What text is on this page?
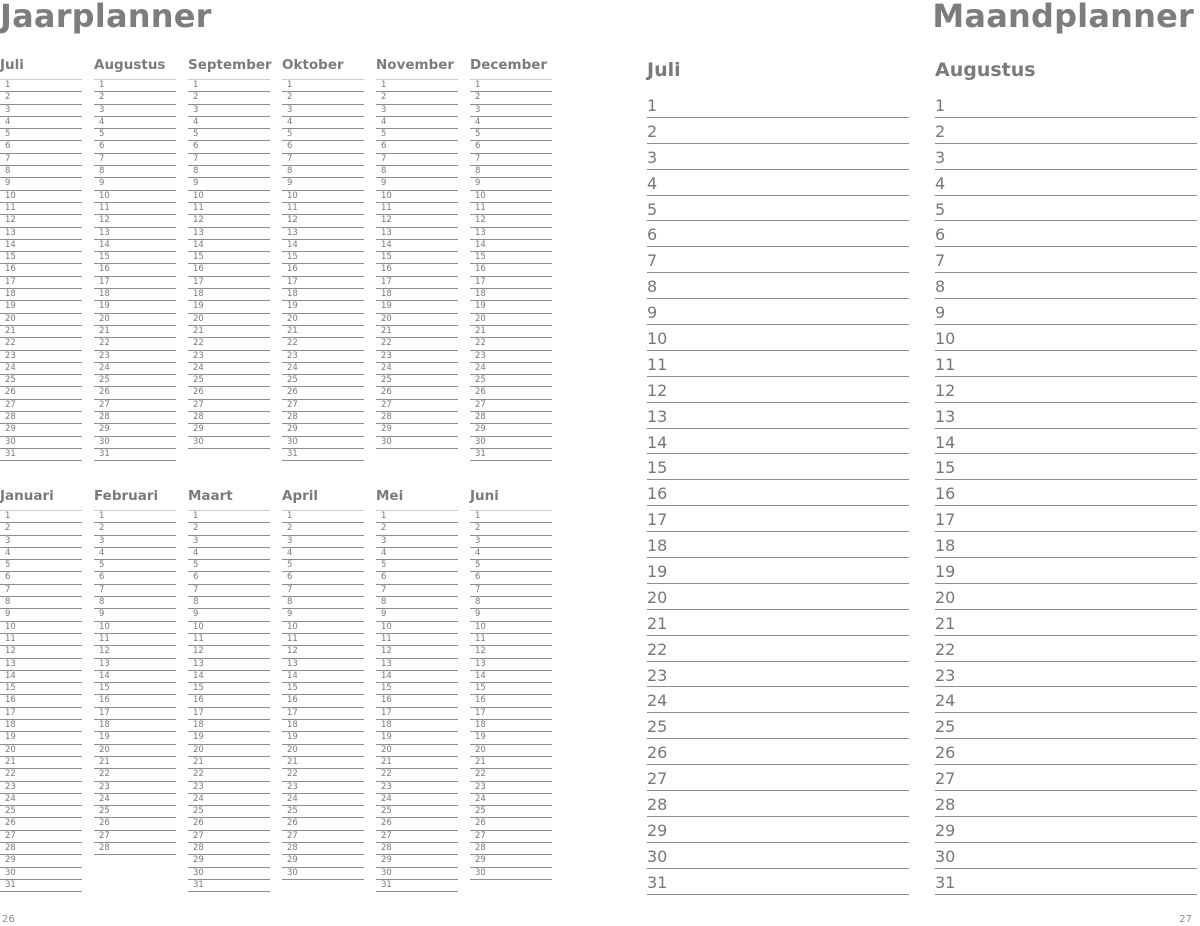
Jaarplanner	Maandplanner
Juli
1
2
3
4
5
6
7
8
9
10
11
12
13
14
15
16
17
18
19
20
21
22
23
24
25
26
27
28
29
30
31
Augustus
1
2
3
4
5
6
7
8
9
10
11
12
13
14
15
16
17
18
19
20
21
22
23
24
25
26
27
28
29
30
31
September
1
2
3
4
5
6
7
8
9
10
11
12
13
14
15
16
17
18
19
20
21
22
23
24
25
26
27
28
29
30
Oktober
1
2
3
4
5
6
7
8
9
10
11
12
13
14
15
16
17
18
19
20
21
22
23
24
25
26
27
28
29
30
31
November
1
2
3
4
5
6
7
8
9
10
11
12
13
14
15
16
17
18
19
20
21
22
23
24
25
26
27
28
29
30
December
1
2
3
4
5
6
7
8
9
10
11
12
13
14
15
16
17
18
19
20
21
22
23
24
25
26
27
28
29
30
31
Januari
1
2
3
4
5
6
7
8
9
10
11
12
13
14
15
16
17
18
19
20
21
22
23
24
25
26
27
28
29
30
31
Februari
1
2
3
4
5
6
7
8
9
10
11
12
13
14
15
16
17
18
19
20
21
22
23
24
25
26
27
28
Maart
1
2
3
4
5
6
7
8
9
10
11
12
13
14
15
16
17
18
19
20
21
22
23
24
25
26
27
28
29
30
31
April
1
2
3
4
5
6
7
8
9
10
11
12
13
14
15
16
17
18
19
20
21
22
23
24
25
26
27
28
29
30
Mei
1
2
3
4
5
6
7
8
9
10
11
12
13
14
15
16
17
18
19
20
21
22
23
24
25
26
27
28
29
30
31
Juni
1
2
3
4
5
6
7
8
9
10
11
12
13
14
15
16
17
18
19
20
21
22
23
24
25
26
27
28
29
30
Juli
1
2
3
4
5
6
7
8
9
10
11
12
13
14
15
16
17
18
19
20
21
22
23
24
25
26
27
28
29
30
31
Augustus
1
2
3
4
5
6
7
8
9
10
11
12
13
14
15
16
17
18
19
20
21
22
23
24
25
26
27
28
29
30
31
26	27
